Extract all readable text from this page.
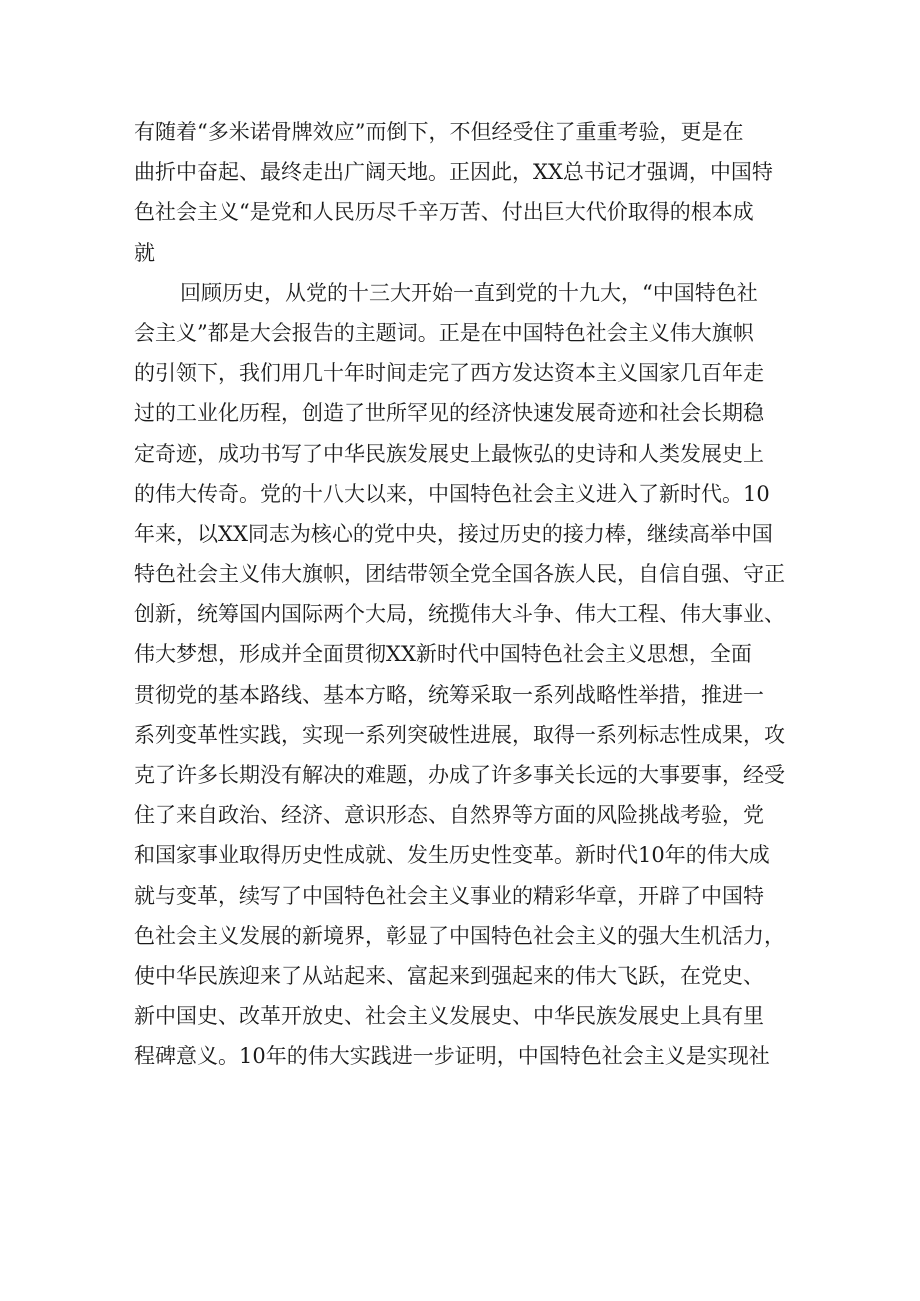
有随着“多米诺骨牌效应”而倒下，不但经受住了重重考验，更是在
曲折中奋起、最终走出广阔天地。正因此，XX总书记才强调，中国特
色社会主义“是党和人民历尽千辛万苦、付出巨大代价取得的根本成
就
回顾历史，从党的十三大开始一直到党的十九大，“中国特色社
会主义”都是大会报告的主题词。正是在中国特色社会主义伟大旗帜
的引领下，我们用几十年时间走完了西方发达资本主义国家几百年走
过的工业化历程，创造了世所罕见的经济快速发展奇迹和社会长期稳
定奇迹，成功书写了中华民族发展史上最恢弘的史诗和人类发展史上
的伟大传奇。党的十八大以来，中国特色社会主义进入了新时代。10
年来，以XX同志为核心的党中央，接过历史的接力棒，继续高举中国
特色社会主义伟大旗帜，团结带领全党全国各族人民，自信自强、守正
创新，统筹国内国际两个大局，统揽伟大斗争、伟大工程、伟大事业、
伟大梦想，形成并全面贯彻XX新时代中国特色社会主义思想，全面
贯彻党的基本路线、基本方略，统筹采取一系列战略性举措，推进一
系列变革性实践，实现一系列突破性进展，取得一系列标志性成果，攻
克了许多长期没有解决的难题，办成了许多事关长远的大事要事，经受
住了来自政治、经济、意识形态、自然界等方面的风险挑战考验，党
和国家事业取得历史性成就、发生历史性变革。新时代10年的伟大成
就与变革，续写了中国特色社会主义事业的精彩华章，开辟了中国特
色社会主义发展的新境界，彰显了中国特色社会主义的强大生机活力，
使中华民族迎来了从站起来、富起来到强起来的伟大飞跃，在党史、
新中国史、改革开放史、社会主义发展史、中华民族发展史上具有里
程碑意义。10年的伟大实践进一步证明，中国特色社会主义是实现社
